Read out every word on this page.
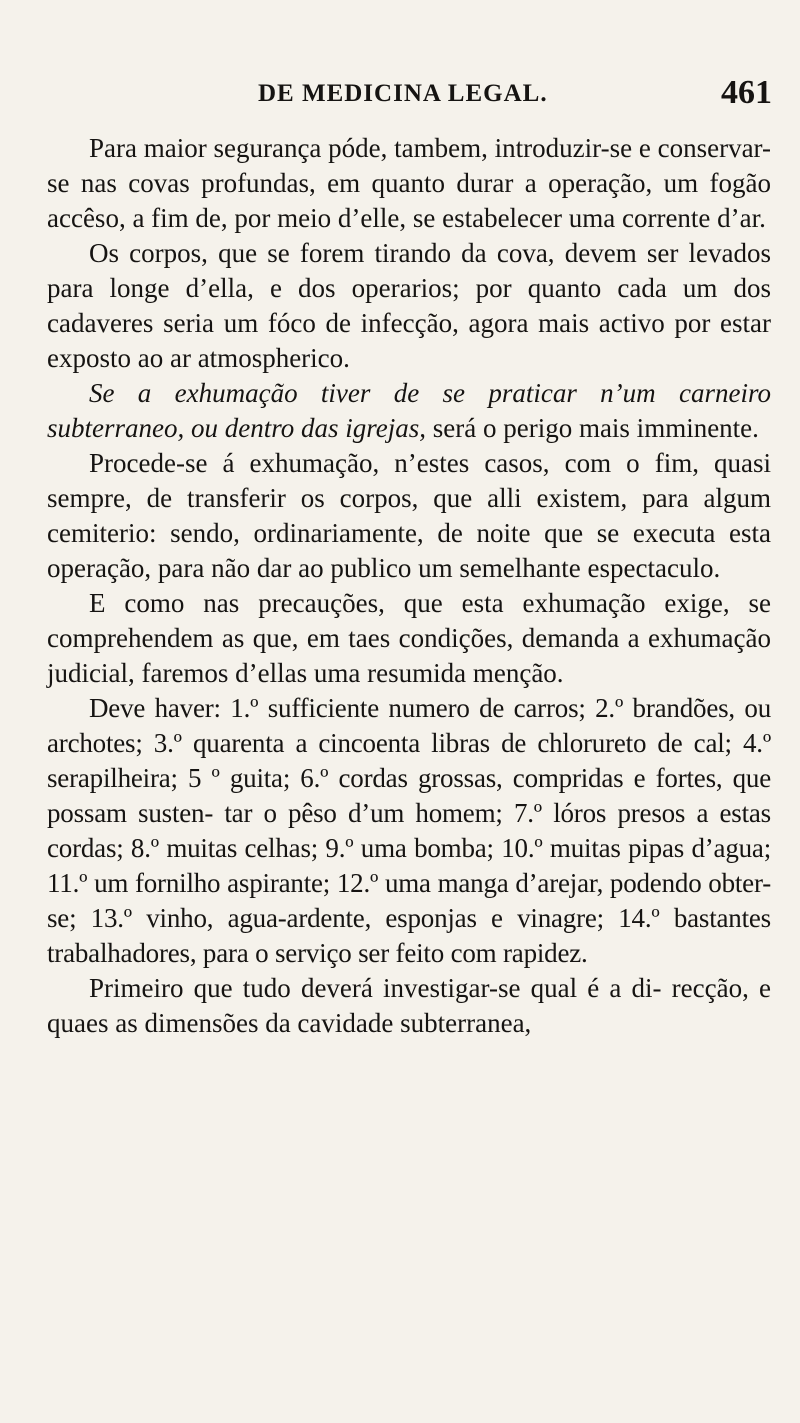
DE MEDICINA LEGAL.	461

Para maior segurança póde, tambem, introduzir-se e conservar-se nas covas profundas, em quanto durar a operação, um fogão accêso, a fim de, por meio d’elle, se estabelecer uma corrente d’ar.

Os corpos, que se forem tirando da cova, devem ser levados para longe d’ella, e dos operarios; por quanto cada um dos cadaveres seria um fóco de infecção, agora mais activo por estar exposto ao ar atmospherico.

Se a exhumação tiver de se praticar n’um carneiro subterraneo, ou dentro das igrejas, será o perigo mais imminente.

Procede-se á exhumação, n’estes casos, com o fim, quasi sempre, de transferir os corpos, que alli existem, para algum cemiterio: sendo, ordinariamente, de noite que se executa esta operação, para não dar ao publico um semelhante espectaculo.

E como nas precauções, que esta exhumação exige, se comprehendem as que, em taes condições, demanda a exhumação judicial, faremos d’ellas uma resumida menção.

Deve haver: 1.º sufficiente numero de carros; 2.º brandões, ou archotes; 3.º quarenta a cincoenta libras de chlorureto de cal; 4.º serapilheira; 5 º guita; 6.º cordas grossas, compridas e fortes, que possam susten- tar o pêso d’um homem; 7.º lóros presos a estas cordas; 8.º muitas celhas; 9.º uma bomba; 10.º muitas pipas d’agua; 11.º um fornilho aspirante; 12.º uma manga d’arejar, podendo obter-se; 13.º vinho, agua-ardente, esponjas e vinagre; 14.º bastantes trabalhadores, para o serviço ser feito com rapidez.

Primeiro que tudo deverá investigar-se qual é a di- recção, e quaes as dimensões da cavidade subterranea,
